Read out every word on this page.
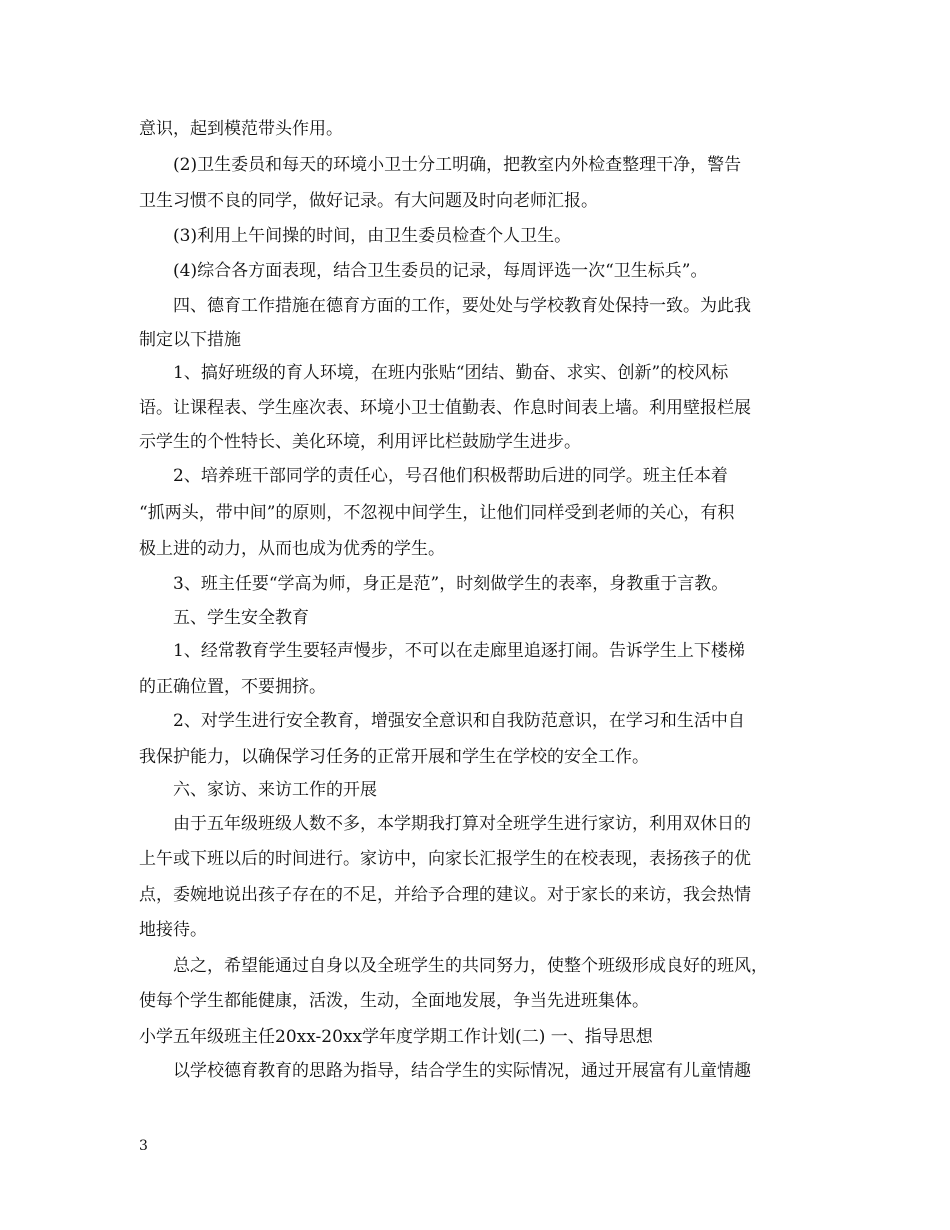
意识，起到模范带头作用。
(2)卫生委员和每天的环境小卫士分工明确，把教室内外检查整理干净，警告
卫生习惯不良的同学，做好记录。有大问题及时向老师汇报。
(3)利用上午间操的时间，由卫生委员检查个人卫生。
(4)综合各方面表现，结合卫生委员的记录，每周评选一次“卫生标兵”。
四、德育工作措施在德育方面的工作，要处处与学校教育处保持一致。为此我
制定以下措施
1、搞好班级的育人环境，在班内张贴“团结、勤奋、求实、创新”的校风标
语。让课程表、学生座次表、环境小卫士值勤表、作息时间表上墙。利用壁报栏展
示学生的个性特长、美化环境，利用评比栏鼓励学生进步。
2、培养班干部同学的责任心，号召他们积极帮助后进的同学。班主任本着
“抓两头，带中间”的原则，不忽视中间学生，让他们同样受到老师的关心，有积
极上进的动力，从而也成为优秀的学生。
3、班主任要“学高为师，身正是范”，时刻做学生的表率，身教重于言教。
五、学生安全教育
1、经常教育学生要轻声慢步，不可以在走廊里追逐打闹。告诉学生上下楼梯
的正确位置，不要拥挤。
2、对学生进行安全教育，增强安全意识和自我防范意识，在学习和生活中自
我保护能力，以确保学习任务的正常开展和学生在学校的安全工作。
六、家访、来访工作的开展
由于五年级班级人数不多，本学期我打算对全班学生进行家访，利用双休日的
上午或下班以后的时间进行。家访中，向家长汇报学生的在校表现，表扬孩子的优
点，委婉地说出孩子存在的不足，并给予合理的建议。对于家长的来访，我会热情
地接待。
总之，希望能通过自身以及全班学生的共同努力，使整个班级形成良好的班风，
使每个学生都能健康，活泼，生动，全面地发展，争当先进班集体。
小学五年级班主任20xx-20xx学年度学期工作计划(二) 一、指导思想
以学校德育教育的思路为指导，结合学生的实际情况，通过开展富有儿童情趣
3
